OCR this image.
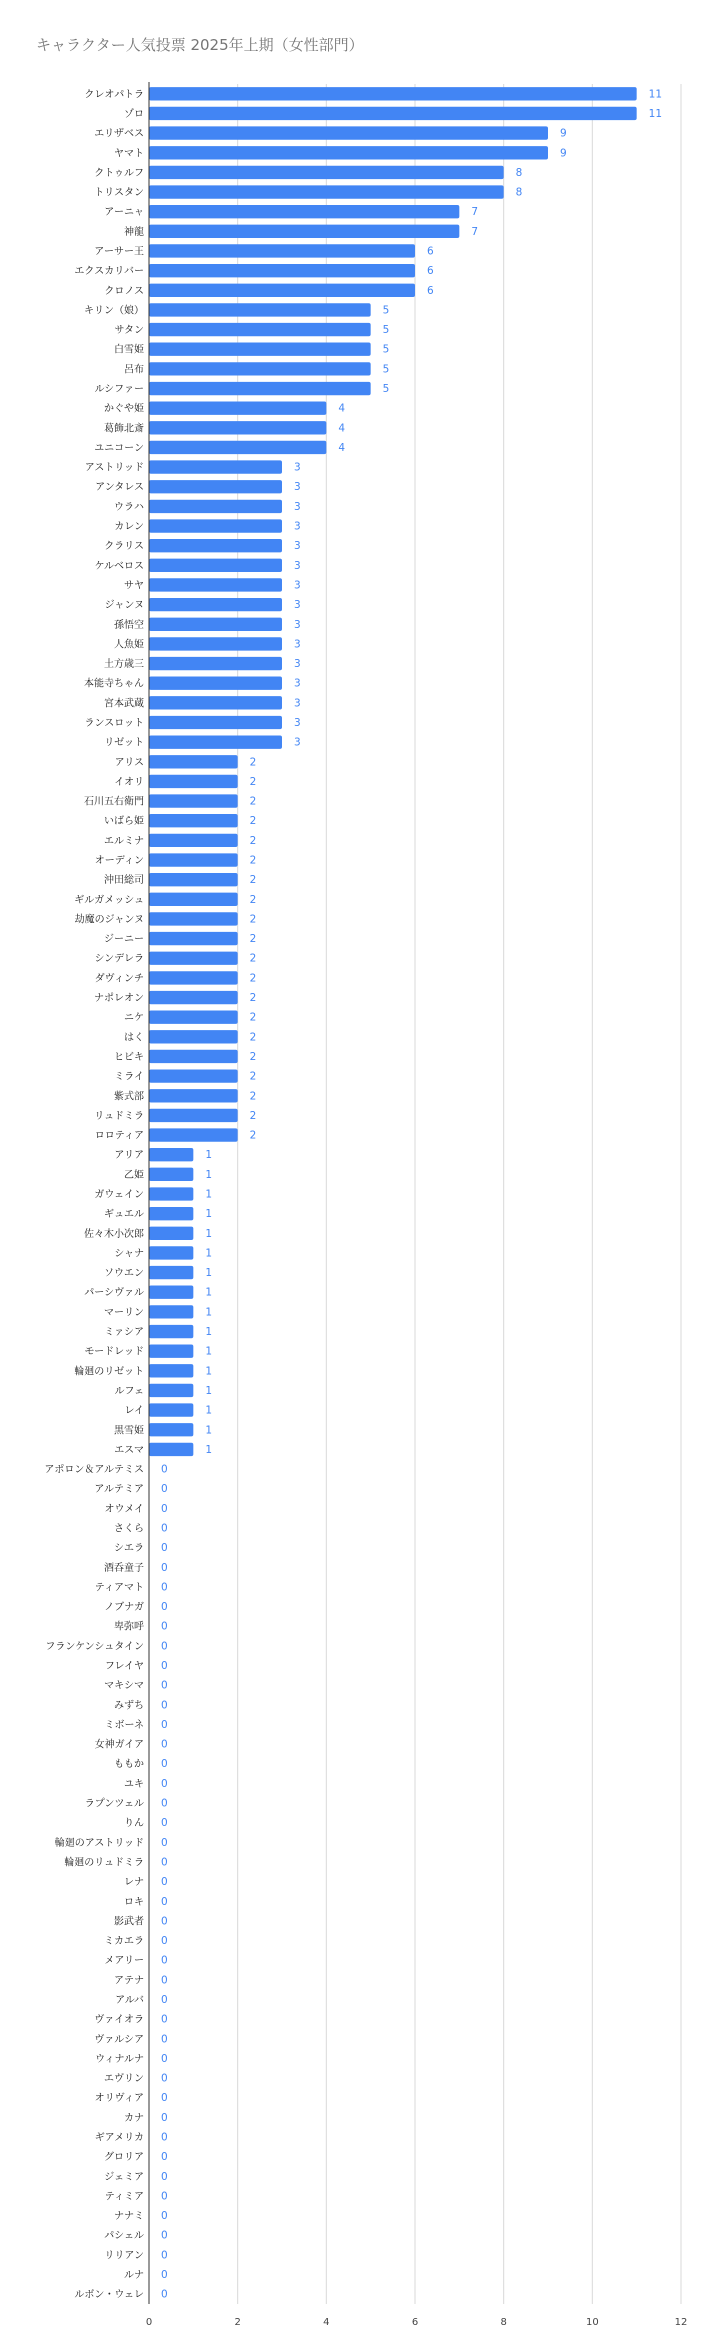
キャラクター人気投票 2025年上期（女性部門）
0	2	4	6	8	10	12
クレオパトラ	11
ゾロ	11
エリザベス	9
ヤマト	9
クトゥルフ	8
トリスタン	8
アーニャ	7
神龍	7
アーサー王	6
エクスカリバー	6
クロノス	6
キリン（娘）	5
サタン	5
白雪姫	5
呂布	5
ルシファー	5
かぐや姫	4
葛飾北斎	4
ユニコーン	4
アストリッド	3
アンタレス	3
ウラハ	3
カレン	3
クラリス	3
ケルベロス	3
サヤ	3
ジャンヌ	3
孫悟空	3
人魚姫	3
土方歳三	3
本能寺ちゃん	3
宮本武蔵	3
ランスロット	3
リゼット	3
アリス	2
イオリ	2
石川五右衛門	2
いばら姫	2
エルミナ	2
オーディン	2
沖田総司	2
ギルガメッシュ	2
劫魔のジャンヌ	2
ジーニー	2
シンデレラ	2
ダヴィンチ	2
ナポレオン	2
ニケ	2
はく	2
ヒビキ	2
ミライ	2
紫式部	2
リュドミラ	2
ロロティア	2
アリア	1
乙姫	1
ガウェイン	1
ギュエル	1
佐々木小次郎	1
シャナ	1
ソウエン	1
パーシヴァル	1
マーリン	1
ミァシア	1
モードレッド	1
輪廻のリゼット	1
ルフェ	1
レイ	1
黒雪姫	1
エスマ	1
アポロン＆アルテミス 0
アルテミア 0
オウメイ 0
さくら 0
シエラ 0
酒呑童子 0
ティアマト 0
ノブナガ 0
卑弥呼 0
フランケンシュタイン 0
フレイヤ 0
マキシマ 0
みずち 0
ミボーネ 0
女神ガイア 0
ももか 0
ユキ 0
ラプンツェル 0
りん 0
輪廻のアストリッド 0
輪廻のリュドミラ 0
レナ 0
ロキ 0
影武者 0
ミカエラ 0
メアリー 0
アテナ 0
アルバ 0
ヴァイオラ 0
ヴァルシア 0
ウィナルナ 0
エヴリン 0
オリヴィア 0
カナ 0
ギアメリカ 0
グロリア 0
ジェミア 0
ティミア 0
ナナミ 0
パシェル 0
リリアン 0
ルナ 0
ルボン・ウェレ 0
